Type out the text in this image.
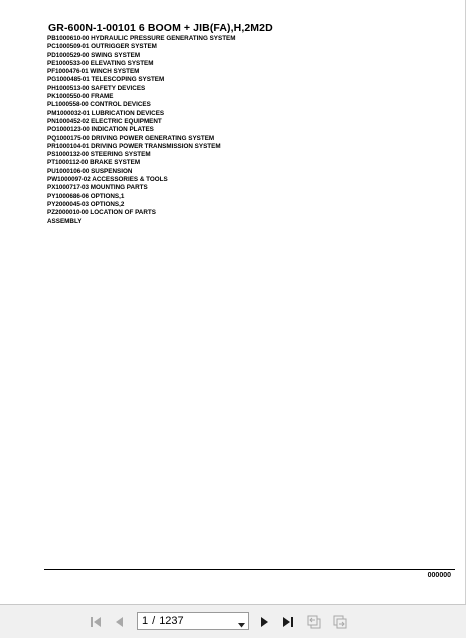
GR-600N-1-00101 6 BOOM + JIB(FA),H,2M2D
PB1000610-00 HYDRAULIC PRESSURE GENERATING SYSTEM
PC1000509-01 OUTRIGGER SYSTEM
PD1000529-00 SWING SYSTEM
PE1000533-00 ELEVATING SYSTEM
PF1000476-01 WINCH SYSTEM
PG1000485-01 TELESCOPING SYSTEM
PH1000513-00 SAFETY DEVICES
PK1000550-00 FRAME
PL1000558-00 CONTROL DEVICES
PM1000032-01 LUBRICATION DEVICES
PN1000452-02 ELECTRIC EQUIPMENT
PO1000123-00 INDICATION PLATES
PQ1000175-00 DRIVING POWER GENERATING SYSTEM
PR1000104-01 DRIVING POWER TRANSMISSION SYSTEM
PS1000132-00 STEERING SYSTEM
PT1000112-00 BRAKE SYSTEM
PU1000106-00 SUSPENSION
PW1000097-02 ACCESSORIES & TOOLS
PX1000717-03 MOUNTING PARTS
PY1000686-06 OPTIONS,1
PY2000045-03 OPTIONS,2
PZ2000010-00 LOCATION OF PARTS
ASSEMBLY
000000
1 / 1237
